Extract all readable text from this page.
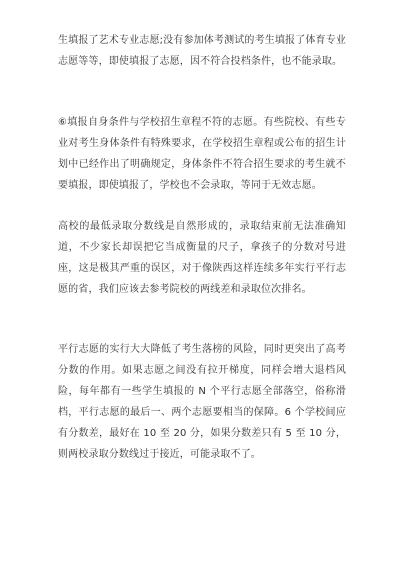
生填报了艺术专业志愿;没有参加体考测试的考生填报了体育专业志愿等等，即使填报了志愿，因不符合投档条件，也不能录取。

⑥填报自身条件与学校招生章程不符的志愿。有些院校、有些专业对考生身体条件有特殊要求，在学校招生章程或公布的招生计划中已经作出了明确规定，身体条件不符合招生要求的考生就不要填报，即使填报了，学校也不会录取，等同于无效志愿。

高校的最低录取分数线是自然形成的，录取结束前无法准确知道，不少家长却误把它当成衡量的尺子，拿孩子的分数对号进座，这是极其严重的误区，对于像陕西这样连续多年实行平行志愿的省，我们应该去参考院校的两线差和录取位次排名。

平行志愿的实行大大降低了考生落榜的风险，同时更突出了高考分数的作用。如果志愿之间没有拉开梯度，同样会增大退档风险，每年都有一些学生填报的 N 个平行志愿全部落空，俗称滑档，平行志愿的最后一、两个志愿要相当的保障。6 个学校间应有分数差，最好在 10 至 20 分，如果分数差只有 5 至 10 分，则两校录取分数线过于接近，可能录取不了。
